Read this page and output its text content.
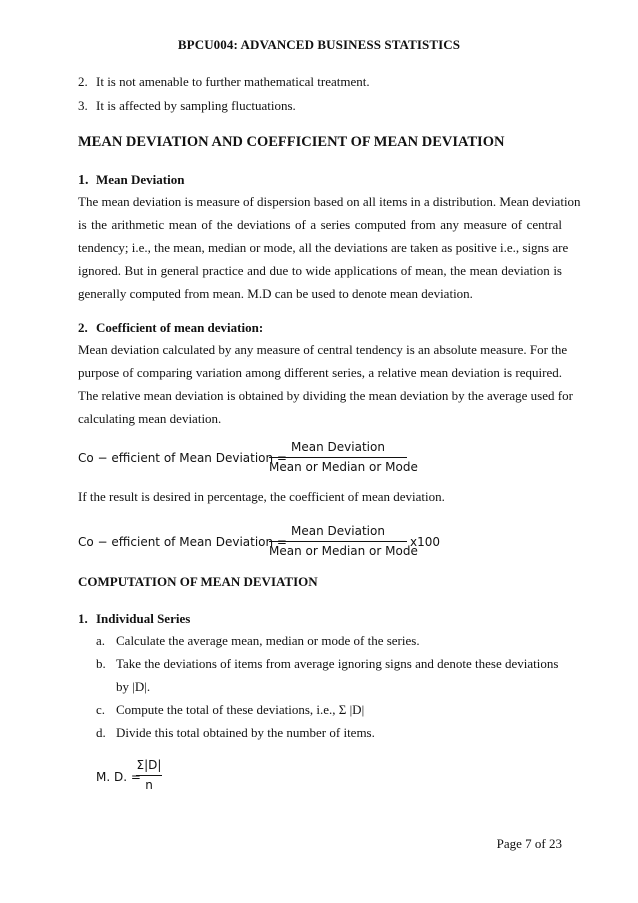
BPCU004: ADVANCED BUSINESS STATISTICS
2. It is not amenable to further mathematical treatment.
3. It is affected by sampling fluctuations.
MEAN DEVIATION AND COEFFICIENT OF MEAN DEVIATION
1. Mean Deviation
The mean deviation is measure of dispersion based on all items in a distribution. Mean deviation
is the arithmetic mean of the deviations of a series computed from any measure of central
tendency; i.e., the mean, median or mode, all the deviations are taken as positive i.e., signs are
ignored. But in general practice and due to wide applications of mean, the mean deviation is
generally computed from mean. M.D can be used to denote mean deviation.
2. Coefficient of mean deviation:
Mean deviation calculated by any measure of central tendency is an absolute measure. For the
purpose of comparing variation among different series, a relative mean deviation is required.
The relative mean deviation is obtained by dividing the mean deviation by the average used for
calculating mean deviation.
Co − efficient of Mean Deviation =
Mean Deviation
Mean or Median or Mode
If the result is desired in percentage, the coefficient of mean deviation.
Co − efficient of Mean Deviation =
Mean Deviation
Mean or Median or Mode
x100
COMPUTATION OF MEAN DEVIATION
1. Individual Series
a. Calculate the average mean, median or mode of the series.
b. Take the deviations of items from average ignoring signs and denote these deviations
by |D|.
c. Compute the total of these deviations, i.e., Σ |D|
d. Divide this total obtained by the number of items.
M. D. =
Σ|D|
n
Page 7 of 23
